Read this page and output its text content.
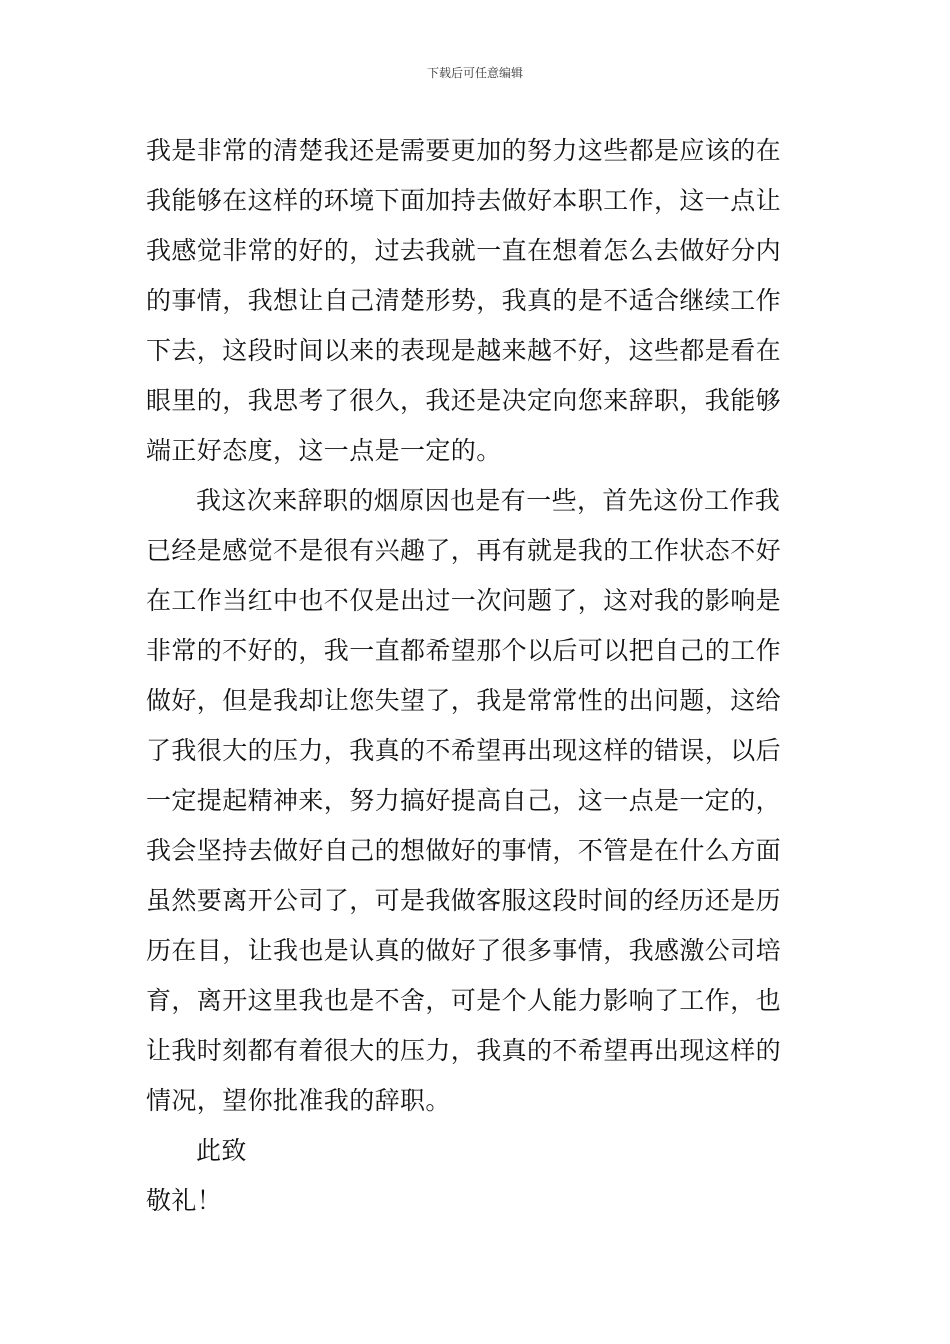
下载后可任意编辑
我是非常的清楚我还是需要更加的努力这些都是应该的在
我能够在这样的环境下面加持去做好本职工作，这一点让
我感觉非常的好的，过去我就一直在想着怎么去做好分内
的事情，我想让自己清楚形势，我真的是不适合继续工作
下去，这段时间以来的表现是越来越不好，这些都是看在
眼里的，我思考了很久，我还是决定向您来辞职，我能够
端正好态度，这一点是一定的。
我这次来辞职的烟原因也是有一些，首先这份工作我
已经是感觉不是很有兴趣了，再有就是我的工作状态不好
在工作当红中也不仅是出过一次问题了，这对我的影响是
非常的不好的，我一直都希望那个以后可以把自己的工作
做好，但是我却让您失望了，我是常常性的出问题，这给
了我很大的压力，我真的不希望再出现这样的错误，以后
一定提起精神来，努力搞好提高自己，这一点是一定的，
我会坚持去做好自己的想做好的事情，不管是在什么方面
虽然要离开公司了，可是我做客服这段时间的经历还是历
历在目，让我也是认真的做好了很多事情，我感激公司培
育，离开这里我也是不舍，可是个人能力影响了工作，也
让我时刻都有着很大的压力，我真的不希望再出现这样的
情况，望你批准我的辞职。
此致
敬礼！
